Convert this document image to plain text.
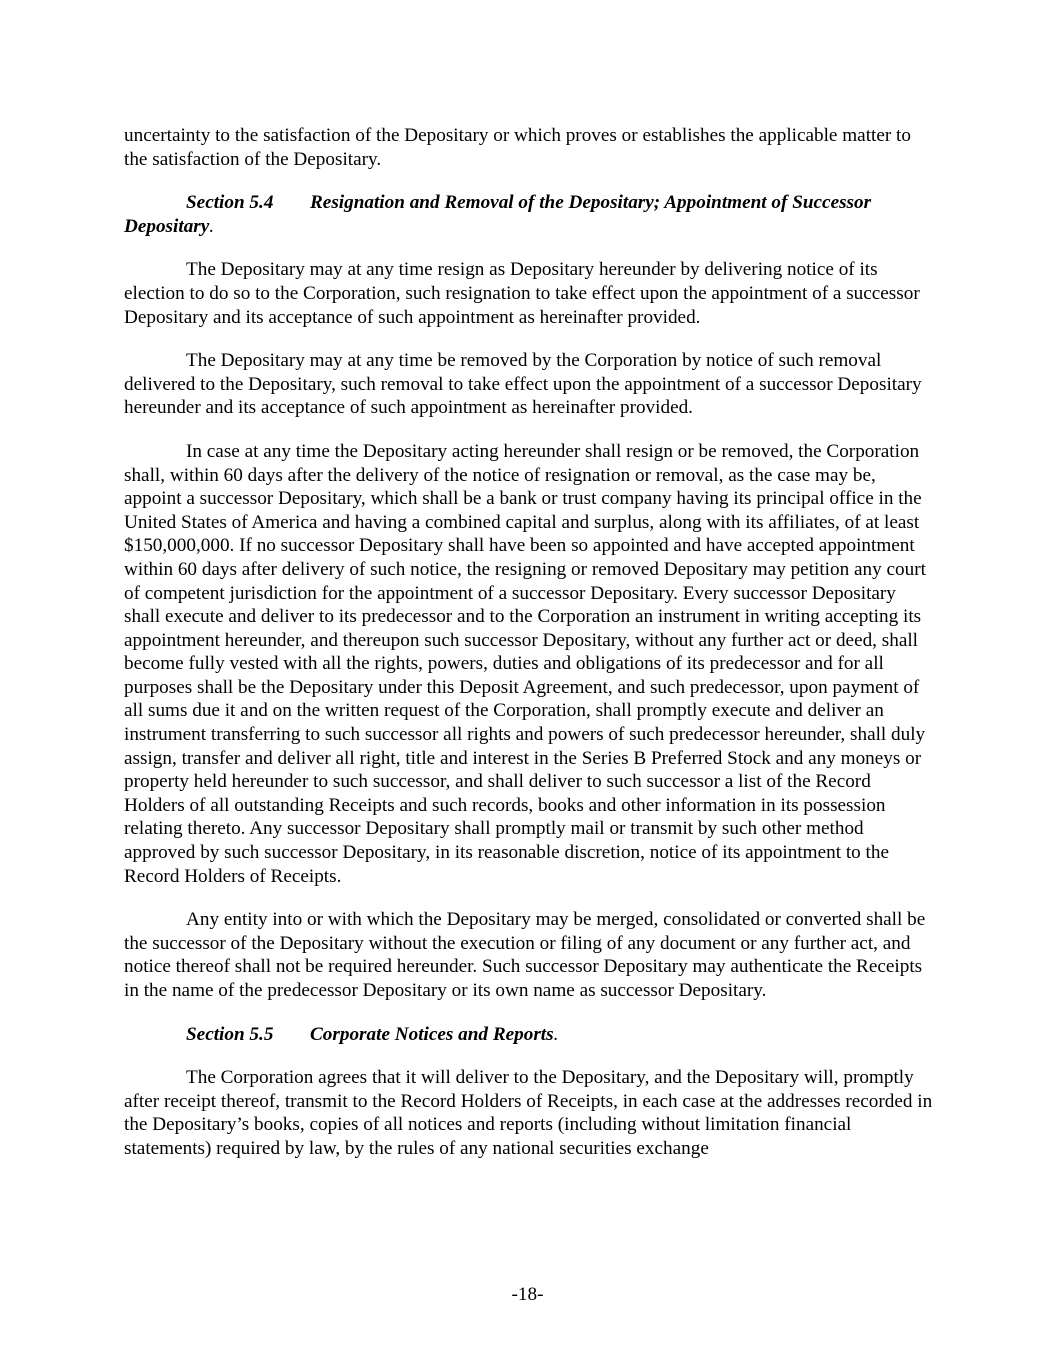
uncertainty to the satisfaction of the Depositary or which proves or establishes the applicable matter to the satisfaction of the Depositary.

Section 5.4 Resignation and Removal of the Depositary; Appointment of Successor Depositary.

The Depositary may at any time resign as Depositary hereunder by delivering notice of its election to do so to the Corporation, such resignation to take effect upon the appointment of a successor Depositary and its acceptance of such appointment as hereinafter provided.

The Depositary may at any time be removed by the Corporation by notice of such removal delivered to the Depositary, such removal to take effect upon the appointment of a successor Depositary hereunder and its acceptance of such appointment as hereinafter provided.

In case at any time the Depositary acting hereunder shall resign or be removed, the Corporation shall, within 60 days after the delivery of the notice of resignation or removal, as the case may be, appoint a successor Depositary, which shall be a bank or trust company having its principal office in the United States of America and having a combined capital and surplus, along with its affiliates, of at least $150,000,000. If no successor Depositary shall have been so appointed and have accepted appointment within 60 days after delivery of such notice, the resigning or removed Depositary may petition any court of competent jurisdiction for the appointment of a successor Depositary. Every successor Depositary shall execute and deliver to its predecessor and to the Corporation an instrument in writing accepting its appointment hereunder, and thereupon such successor Depositary, without any further act or deed, shall become fully vested with all the rights, powers, duties and obligations of its predecessor and for all purposes shall be the Depositary under this Deposit Agreement, and such predecessor, upon payment of all sums due it and on the written request of the Corporation, shall promptly execute and deliver an instrument transferring to such successor all rights and powers of such predecessor hereunder, shall duly assign, transfer and deliver all right, title and interest in the Series B Preferred Stock and any moneys or property held hereunder to such successor, and shall deliver to such successor a list of the Record Holders of all outstanding Receipts and such records, books and other information in its possession relating thereto. Any successor Depositary shall promptly mail or transmit by such other method approved by such successor Depositary, in its reasonable discretion, notice of its appointment to the Record Holders of Receipts.

Any entity into or with which the Depositary may be merged, consolidated or converted shall be the successor of the Depositary without the execution or filing of any document or any further act, and notice thereof shall not be required hereunder. Such successor Depositary may authenticate the Receipts in the name of the predecessor Depositary or its own name as successor Depositary.

Section 5.5 Corporate Notices and Reports.

The Corporation agrees that it will deliver to the Depositary, and the Depositary will, promptly after receipt thereof, transmit to the Record Holders of Receipts, in each case at the addresses recorded in the Depositary’s books, copies of all notices and reports (including without limitation financial statements) required by law, by the rules of any national securities exchange

-18-
